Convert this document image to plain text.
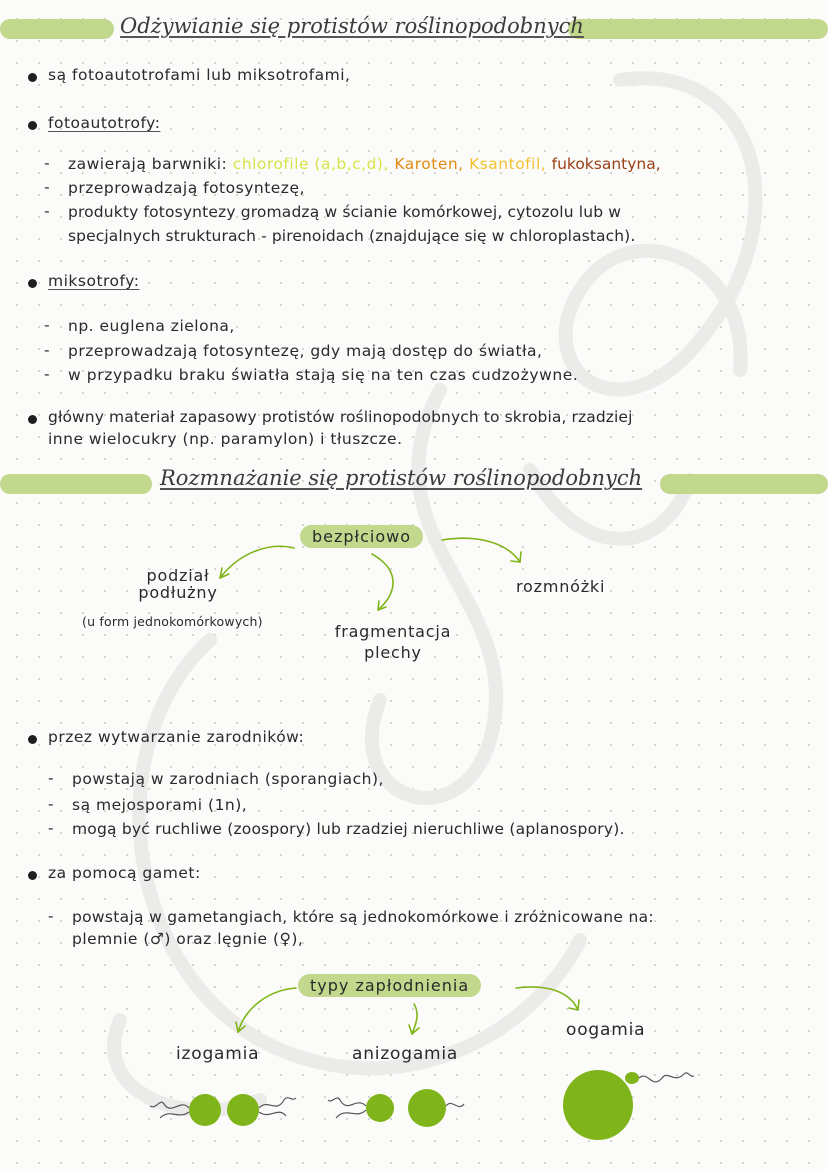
Odżywianie się protistów roślinopodobnych
są fotoautotrofami lub miksotrofami,
fotoautotrofy:
- zawierają barwniki: chlorofile (a,b,c,d), Karoten, Ksantofil, fukoksantyna,
- przeprowadzają fotosyntezę,
- produkty fotosyntezy gromadzą w ścianie komórkowej, cytozolu lub w
specjalnych strukturach - pirenoidach (znajdujące się w chloroplastach).
miksotrofy:
- np. euglena zielona,
- przeprowadzają fotosyntezę, gdy mają dostęp do światła,
- w przypadku braku światła stają się na ten czas cudzożywne.
główny materiał zapasowy protistów roślinopodobnych to skrobia, rzadziej
inne wielocukry (np. paramylon) i tłuszcze.
Rozmnażanie się protistów roślinopodobnych
bezpłciowo
podział
podłużny
(u form jednokomórkowych)
fragmentacja
plechy
rozmnóżki
przez wytwarzanie zarodników:
- powstają w zarodniach (sporangiach),
- są mejosporami (1n),
- mogą być ruchliwe (zoospory) lub rzadziej nieruchliwe (aplanospory).
za pomocą gamet:
- powstają w gametangiach, które są jednokomórkowe i zróżnicowane na:
plemnie (♂) oraz lęgnie (♀),
typy zapłodnienia
izogamia	anizogamia
oogamia
